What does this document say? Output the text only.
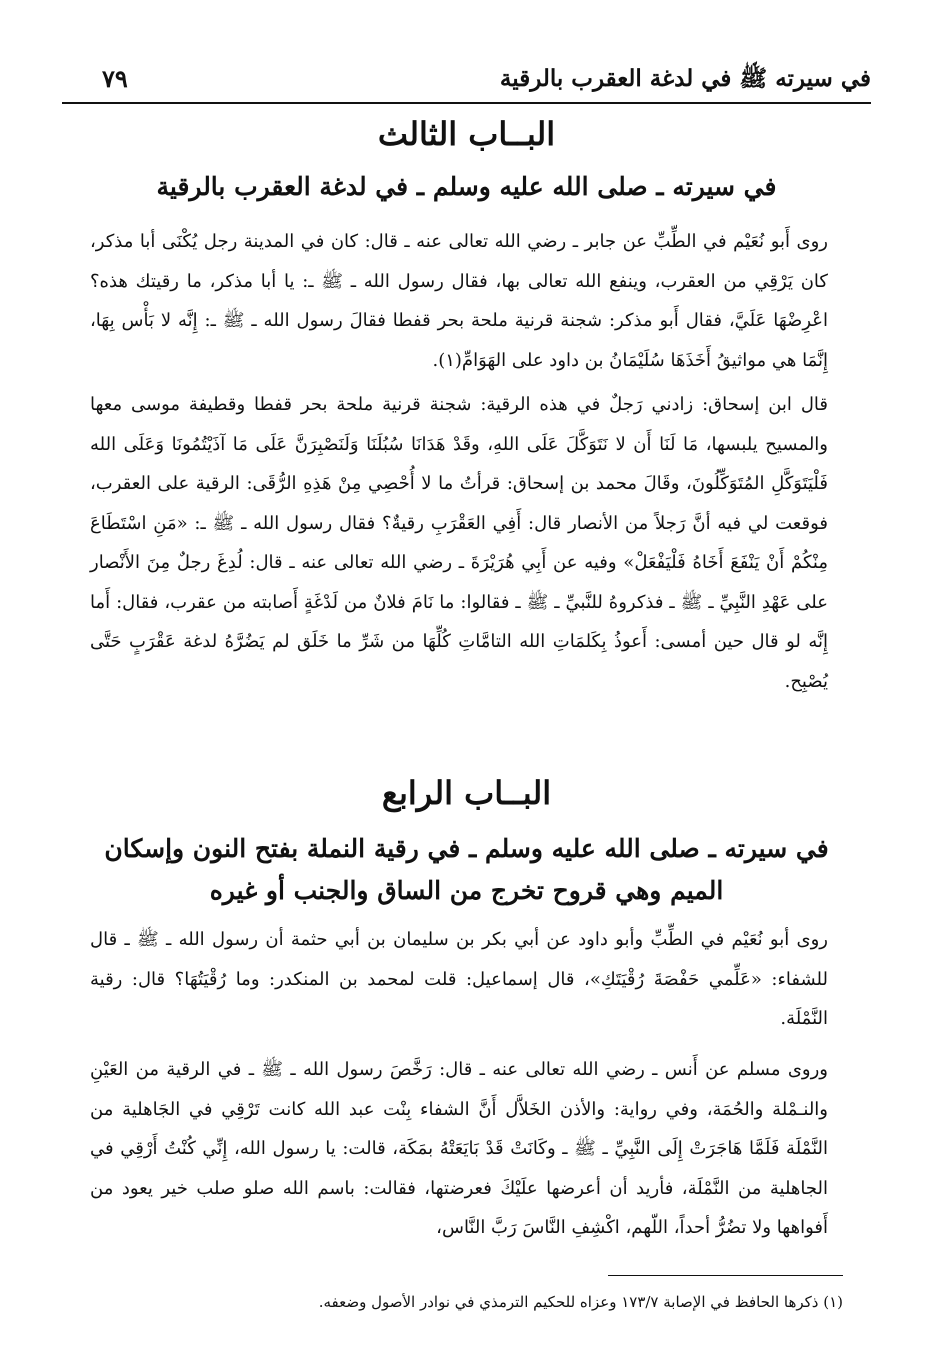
في سيرته ﷺ في لدغة العقرب بالرقية
٧٩
البــاب الثالث
في سيرته ـ صلى الله عليه وسلم ـ في لدغة العقرب بالرقية

روى أَبو نُعَيْم في الطِّبِّ عن جابر ـ رضي الله تعالى عنه ـ قال: كان في المدينة رجل يُكْنَى أبا مذكر، كان يَرْقِي من العقرب، وينفع الله تعالى بها، فقال رسول الله ـ ﷺ ـ: يا أبا مذكر، ما رقيتك هذه؟ اعْرِضْهَا عَلَيَّ، فقال أَبو مذكر: شجنة قرنية ملحة بحر قفطا فقالَ رسول الله ـ ﷺ ـ: إِنَّه لا بَأْس بِهَا، إِنَّمَا هي مواثيقُ أَخَذَهَا سُلَيْمَانُ بن داود على الهَوَامِّ(١).

قال ابن إسحاق: زادني رَجلٌ في هذه الرقية: شجنة قرنية ملحة بحر قفطا وقطيفة موسى معها والمسيح يلبسها، مَا لَنَا أَن لا نَتَوَكَّلَ عَلَى اللهِ، وقَدْ هَدَانَا سُبُلَنَا وَلَنَصْبِرَنَّ عَلَى مَا آذَيْتُمُونَا وَعَلَى الله فَلْيَتَوَكَّلِ المُتَوَكِّلُونَ، وقَالَ محمد بن إسحاق: قرأتُ ما لا أُحْصِي مِنْ هَذِهِ الرُّقَى: الرقية على العقرب، فوقعت لي فيه أنَّ رَجلاً من الأنصار قال: أَفِي العَقْرَبِ رقيةٌ؟ فقال رسول الله ـ ﷺ ـ: «مَنِ اسْتَطَاعَ مِنْكُمْ أَنْ يَنْفَعَ أَخَاهُ فَلْيَفْعَلْ» وفيه عن أَبِي هُرَيْرَةَ ـ رضي الله تعالى عنه ـ قال: لُدِغَ رجلٌ مِنَ الأَنْصار على عَهْدِ النَّبِيِّ ـ ﷺ ـ فذكروهُ للنَّبيِّ ـ ﷺ ـ فقالوا: ما نَامَ فلانٌ من لَدْغَةٍ أَصابته من عقرب، فقال: أَما إِنَّه لو قال حين أمسى: أَعوذُ بِكَلمَاتِ الله التامَّاتِ كُلِّهَا من شَرِّ ما خَلَق لم يَضُرَّهُ لدغة عَقْرَبٍ حَتَّى يُصْبِح.

البــاب الرابع
في سيرته ـ صلى الله عليه وسلم ـ في رقية النملة بفتح النون وإسكان
الميم وهي قروح تخرج من الساق والجنب أو غيره

روى أبو نُعَيْم في الطِّبِّ وأبو داود عن أبي بكر بن سليمان بن أبي حثمة أن رسول الله ـ ﷺ ـ قال للشفاء: «عَلِّمي حَفْصَةَ رُقْيَتَكِ»، قال إسماعيل: قلت لمحمد بن المنكدر: وما رُقْيَتُهَا؟ قال: رقية النَّمْلَة.

وروى مسلم عن أَنس ـ رضي الله تعالى عنه ـ قال: رَخَّصَ رسول الله ـ ﷺ ـ في الرقية من العَيْنِ والنـمْلة والحُمَة، وفي رواية: والأذن الخَلاَّل أَنَّ الشفاء بِنْت عبد الله كانت تَرْقِي في الجَاهلية من النَّمْلَة فَلَمَّا هَاجَرَتْ إِلَى النَّبِيِّ ـ ﷺ ـ وكَانَتْ قَدْ بَايَعَتْهُ بمَكَة، قالت: يا رسول الله، إِنِّي كُنْتُ أَرْقِي في الجاهلية من النَّمْلَة، فأريد أن أعرضها علَيْكَ فعرضتها، فقالت: باسم الله صلو صلب خير يعود من أَفواهها ولا تضُرُّ أحداً، اللّهم، اكْشِفِ النَّاسَ رَبَّ النَّاس،

(١) ذكرها الحافظ في الإصابة ١٧٣/٧ وعزاه للحكيم الترمذي في نوادر الأصول وضعفه.
